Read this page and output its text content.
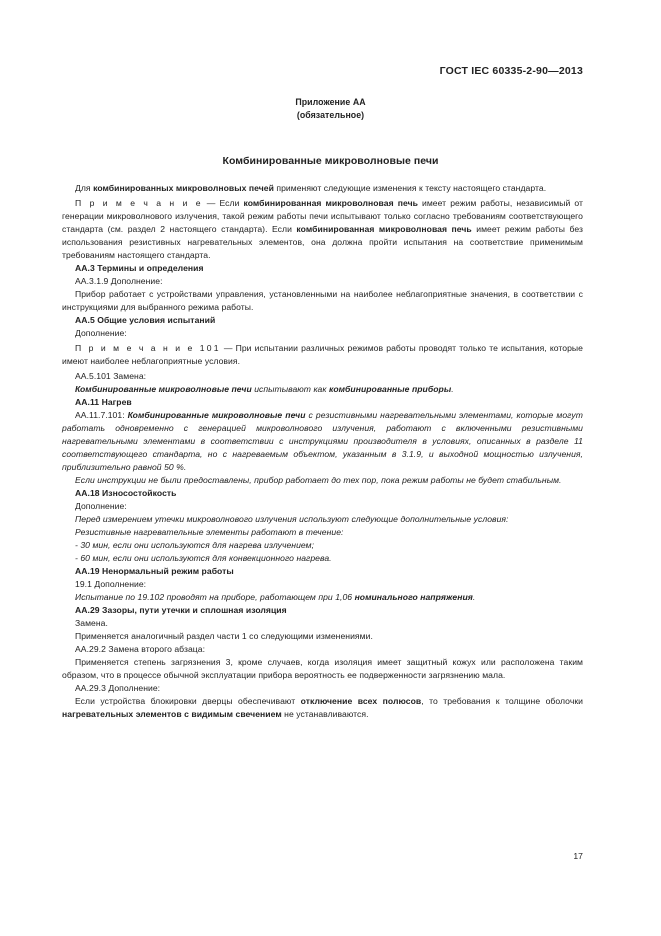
ГОСТ IEC 60335-2-90—2013
Приложение АА
(обязательное)
Комбинированные микроволновые печи

Для комбинированных микроволновых печей применяют следующие изменения к тексту настоящего стандарта.

П р и м е ч а н и е — Если комбинированная микроволновая печь имеет режим работы, независимый от генерации микроволнового излучения, такой режим работы печи испытывают только согласно требованиям соответствующего стандарта (см. раздел 2 настоящего стандарта). Если комбинированная микроволновая печь имеет режим работы без использования резистивных нагревательных элементов, она должна пройти испытания на соответствие применимым требованиям настоящего стандарта.

АА.3 Термины и определения

АА.3.1.9 Дополнение:

Прибор работает с устройствами управления, установленными на наиболее неблагоприятные значения, в соответствии с инструкциями для выбранного режима работы.

АА.5 Общие условия испытаний

Дополнение:

П р и м е ч а н и е 101 — При испытании различных режимов работы проводят только те испытания, которые имеют наиболее неблагоприятные условия.

АА.5.101 Замена:

Комбинированные микроволновые печи испытывают как комбинированные приборы.

АА.11 Нагрев

АА.11.7.101: Комбинированные микроволновые печи с резистивными нагревательными элементами, которые могут работать одновременно с генерацией микроволнового излучения, работают с включенными резистивными нагревательными элементами в соответствии с инструкциями производителя в условиях, описанных в разделе 11 соответствующего стандарта, но с нагреваемым объектом, указанным в 3.1.9, и выходной мощностью излучения, приблизительно равной 50 %.

Если инструкции не были предоставлены, прибор работает до тех пор, пока режим работы не будет стабильным.

АА.18 Износостойкость

Дополнение:

Перед измерением утечки микроволнового излучения используют следующие дополнительные условия:

Резистивные нагревательные элементы работают в течение:

- 30 мин, если они используются для нагрева излучением;

- 60 мин, если они используются для конвекционного нагрева.

АА.19 Ненормальный режим работы

19.1 Дополнение:

Испытание по 19.102 проводят на приборе, работающем при 1,06 номинального напряжения.

АА.29 Зазоры, пути утечки и сплошная изоляция

Замена.

Применяется аналогичный раздел части 1 со следующими изменениями.

АА.29.2 Замена второго абзаца:

Применяется степень загрязнения 3, кроме случаев, когда изоляция имеет защитный кожух или расположена таким образом, что в процессе обычной эксплуатации прибора вероятность ее подверженности загрязнению мала.

АА.29.3 Дополнение:

Если устройства блокировки дверцы обеспечивают отключение всех полюсов, то требования к толщине оболочки нагревательных элементов с видимым свечением не устанавливаются.

17
